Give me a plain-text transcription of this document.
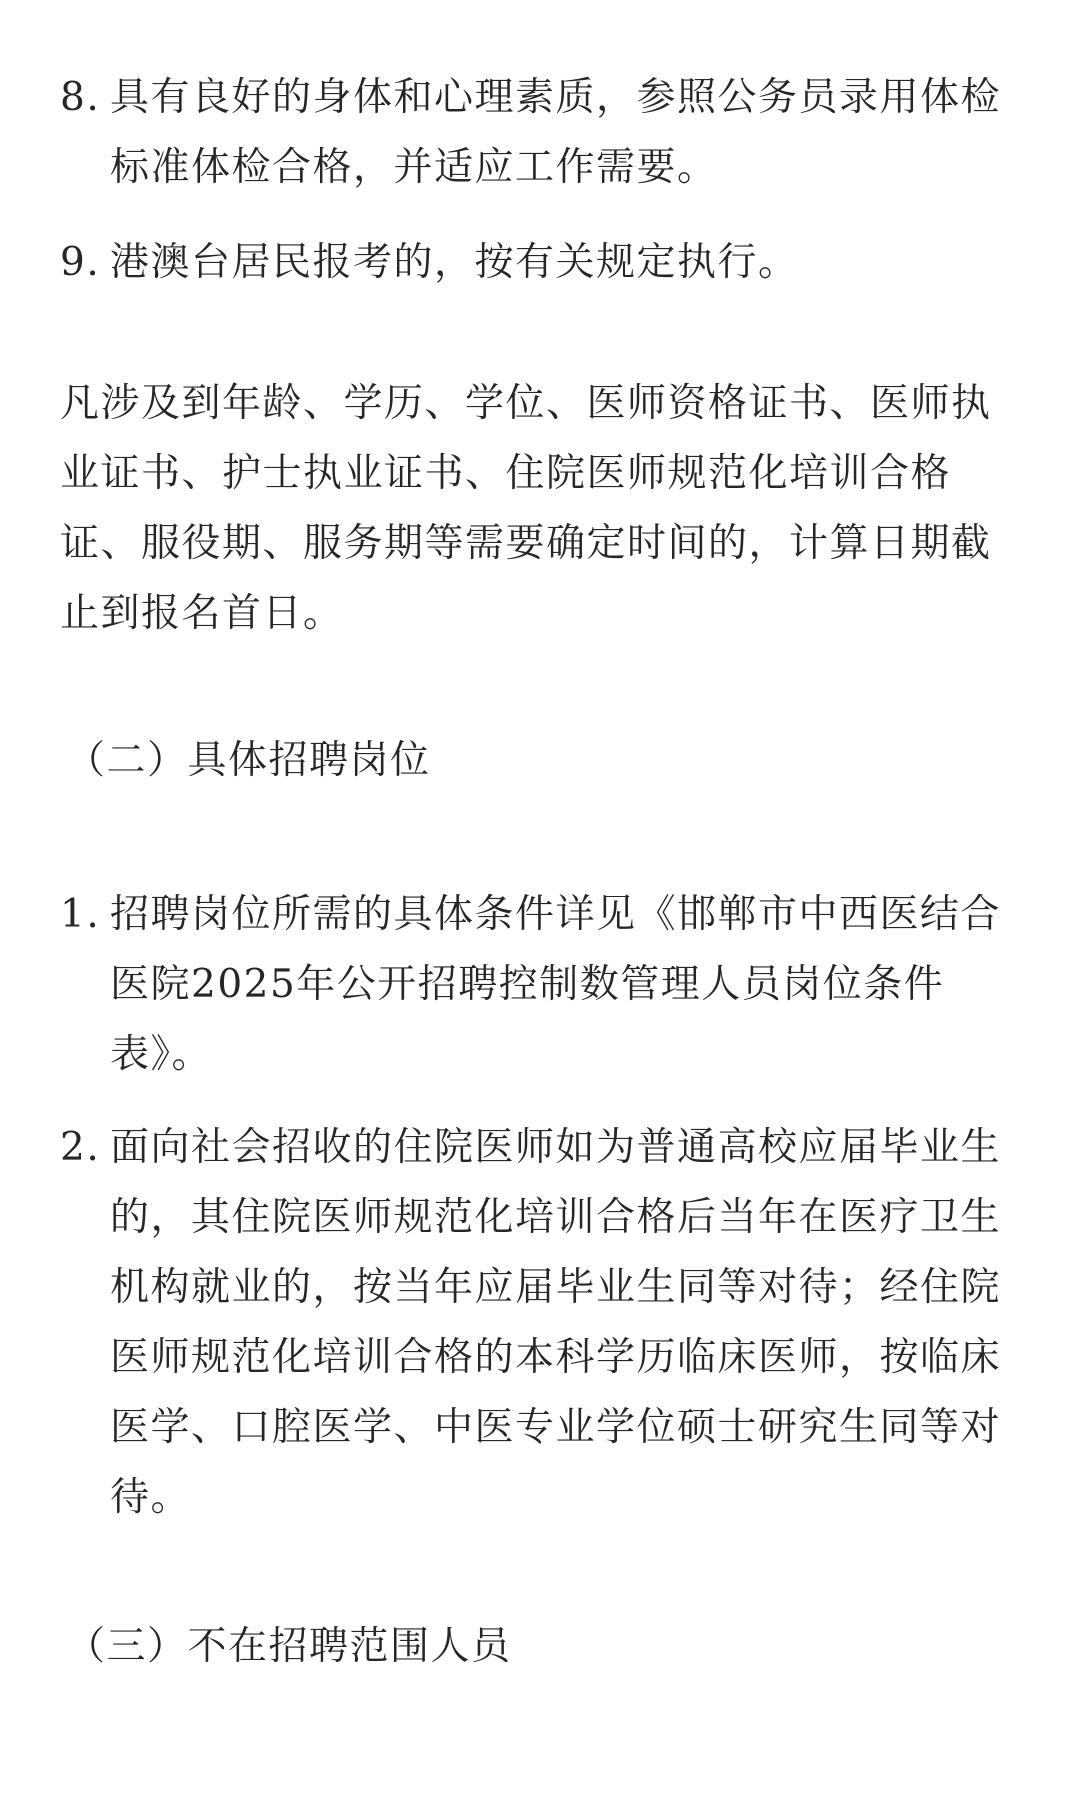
8. 具有良好的身体和心理素质，参照公务员录用体检标准体检合格，并适应工作需要。
9. 港澳台居民报考的，按有关规定执行。

凡涉及到年龄、学历、学位、医师资格证书、医师执业证书、护士执业证书、住院医师规范化培训合格证、服役期、服务期等需要确定时间的，计算日期截止到报名首日。

（二）具体招聘岗位

1. 招聘岗位所需的具体条件详见《邯郸市中西医结合医院2025年公开招聘控制数管理人员岗位条件表》。
2. 面向社会招收的住院医师如为普通高校应届毕业生的，其住院医师规范化培训合格后当年在医疗卫生机构就业的，按当年应届毕业生同等对待；经住院医师规范化培训合格的本科学历临床医师，按临床医学、口腔医学、中医专业学位硕士研究生同等对待。

（三）不在招聘范围人员
